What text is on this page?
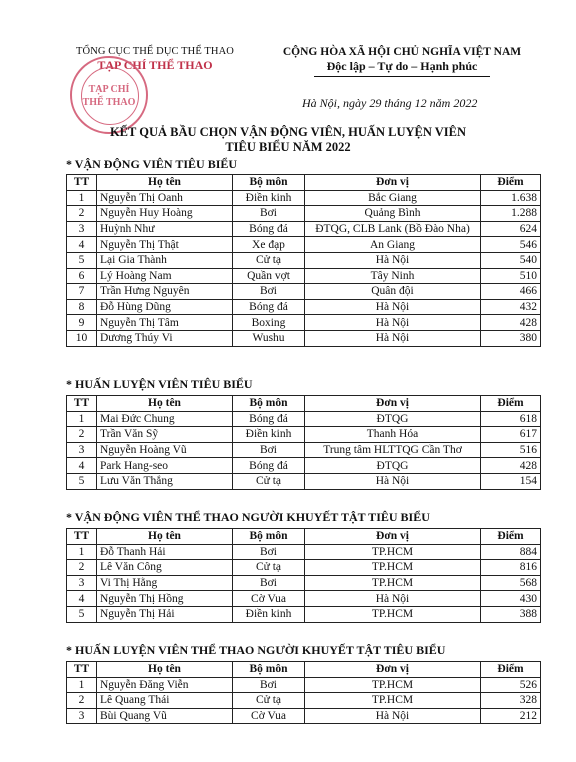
TỔNG CỤC THỂ DỤC THỂ THAO
TẠP CHÍ THỂ THAO
TẠP CHÍ
THỂ THAO
CỘNG HÒA XÃ HỘI CHỦ NGHĨA VIỆT NAM
Độc lập – Tự do – Hạnh phúc
Hà Nội, ngày 29 tháng 12 năm 2022
KẾT QUẢ BẦU CHỌN VẬN ĐỘNG VIÊN, HUẤN LUYỆN VIÊN
TIÊU BIỂU NĂM 2022
* VẬN ĐỘNG VIÊN TIÊU BIỂU
TT	Họ tên	Bộ môn	Đơn vị	Điểm
1	Nguyễn Thị Oanh	Điền kinh	Bắc Giang	1.638
2	Nguyễn Huy Hoàng	Bơi	Quảng Bình	1.288
3	Huỳnh Như	Bóng đá	ĐTQG, CLB Lank (Bồ Đào Nha)	624
4	Nguyễn Thị Thật	Xe đạp	An Giang	546
5	Lại Gia Thành	Cử tạ	Hà Nội	540
6	Lý Hoàng Nam	Quần vợt	Tây Ninh	510
7	Trần Hưng Nguyên	Bơi	Quân đội	466
8	Đỗ Hùng Dũng	Bóng đá	Hà Nội	432
9	Nguyễn Thị Tâm	Boxing	Hà Nội	428
10	Dương Thúy Vi	Wushu	Hà Nội	380
* HUẤN LUYỆN VIÊN TIÊU BIỂU
TT	Họ tên	Bộ môn	Đơn vị	Điểm
1	Mai Đức Chung	Bóng đá	ĐTQG	618
2	Trần Văn Sỹ	Điền kinh	Thanh Hóa	617
3	Nguyễn Hoàng Vũ	Bơi	Trung tâm HLTTQG Cần Thơ	516
4	Park Hang-seo	Bóng đá	ĐTQG	428
5	Lưu Văn Thắng	Cử tạ	Hà Nội	154
* VẬN ĐỘNG VIÊN THỂ THAO NGƯỜI KHUYẾT TẬT TIÊU BIỂU
TT	Họ tên	Bộ môn	Đơn vị	Điểm
1	Đỗ Thanh Hải	Bơi	TP.HCM	884
2	Lê Văn Công	Cử tạ	TP.HCM	816
3	Vi Thị Hằng	Bơi	TP.HCM	568
4	Nguyễn Thị Hồng	Cờ Vua	Hà Nội	430
5	Nguyễn Thị Hải	Điền kinh	TP.HCM	388
* HUẤN LUYỆN VIÊN THỂ THAO NGƯỜI KHUYẾT TẬT TIÊU BIỂU
TT	Họ tên	Bộ môn	Đơn vị	Điểm
1	Nguyễn Đăng Viễn	Bơi	TP.HCM	526
2	Lê Quang Thái	Cử tạ	TP.HCM	328
3	Bùi Quang Vũ	Cờ Vua	Hà Nội	212
